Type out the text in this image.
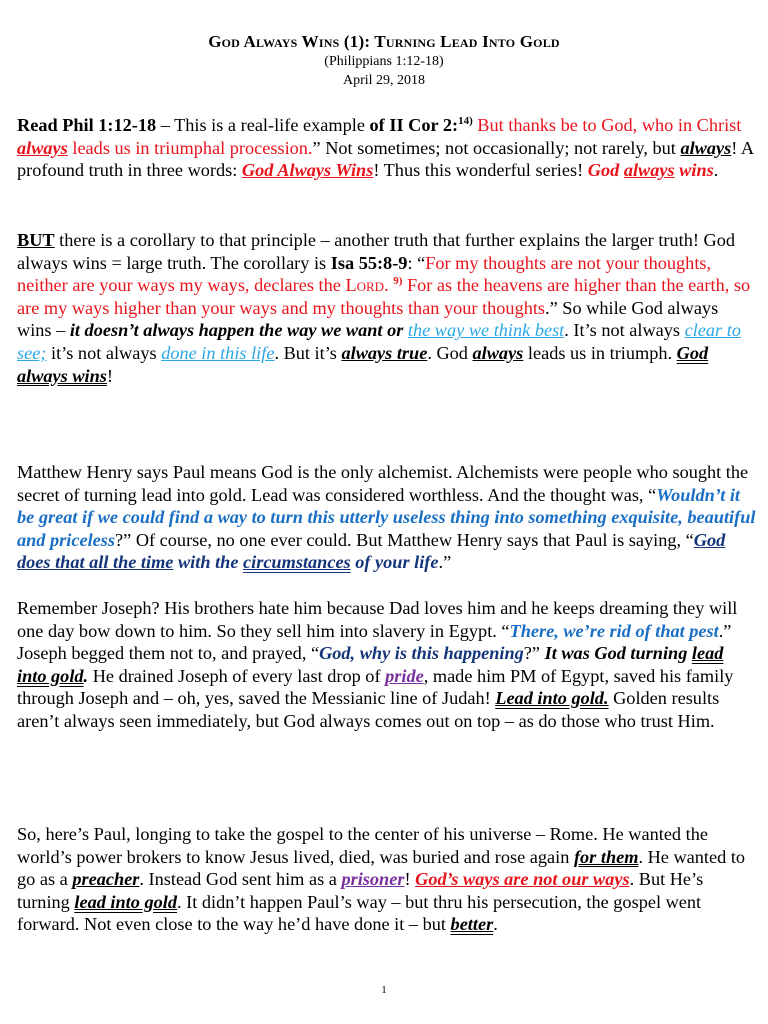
God Always Wins (1): Turning Lead Into Gold
(Philippians 1:12-18)
April 29, 2018

Read Phil 1:12-18 – This is a real-life example of II Cor 2:$^{14)}$ But thanks be to God, who in Christ always leads us in triumphal procession.” Not sometimes; not occasionally; not rarely, but always! A profound truth in three words: God Always Wins! Thus this wonderful series! God always wins.

BUT there is a corollary to that principle – another truth that further explains the larger truth! God always wins = large truth. The corollary is Isa 55:8-9: “For my thoughts are not your thoughts, neither are your ways my ways, declares the Lord. $^{9)}$ For as the heavens are higher than the earth, so are my ways higher than your ways and my thoughts than your thoughts.” So while God always wins – it doesn’t always happen the way we want or the way we think best. It’s not always clear to see; it’s not always done in this life. But it’s always true. God always leads us in triumph. God always wins!

Matthew Henry says Paul means God is the only alchemist. Alchemists were people who sought the secret of turning lead into gold. Lead was considered worthless. And the thought was, “Wouldn’t it be great if we could find a way to turn this utterly useless thing into something exquisite, beautiful and priceless?” Of course, no one ever could. But Matthew Henry says that Paul is saying, “God does that all the time with the circumstances of your life.”

Remember Joseph? His brothers hate him because Dad loves him and he keeps dreaming they will one day bow down to him. So they sell him into slavery in Egypt. “There, we’re rid of that pest.” Joseph begged them not to, and prayed, “God, why is this happening?” It was God turning lead into gold. He drained Joseph of every last drop of pride, made him PM of Egypt, saved his family through Joseph and – oh, yes, saved the Messianic line of Judah! Lead into gold. Golden results aren’t always seen immediately, but God always comes out on top – as do those who trust Him.

So, here’s Paul, longing to take the gospel to the center of his universe – Rome. He wanted the world’s power brokers to know Jesus lived, died, was buried and rose again for them. He wanted to go as a preacher. Instead God sent him as a prisoner! God’s ways are not our ways. But He’s turning lead into gold. It didn’t happen Paul’s way – but thru his persecution, the gospel went forward. Not even close to the way he’d have done it – but better.

1
